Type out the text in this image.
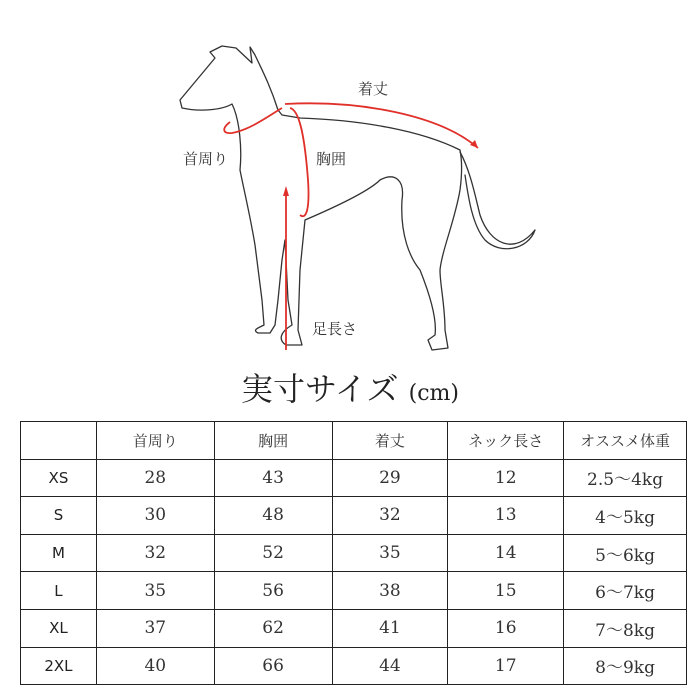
着丈
首周り	胸囲
足長さ
実寸サイズ (cm)
	首周り	胸囲	着丈	ネック長さ	オススメ体重
XS	28	43	29	12	2.5～4kg
S	30	48	32	13	4～5kg
M	32	52	35	14	5～6kg
L	35	56	38	15	6～7kg
XL	37	62	41	16	7～8kg
2XL	40	66	44	17	8～9kg
